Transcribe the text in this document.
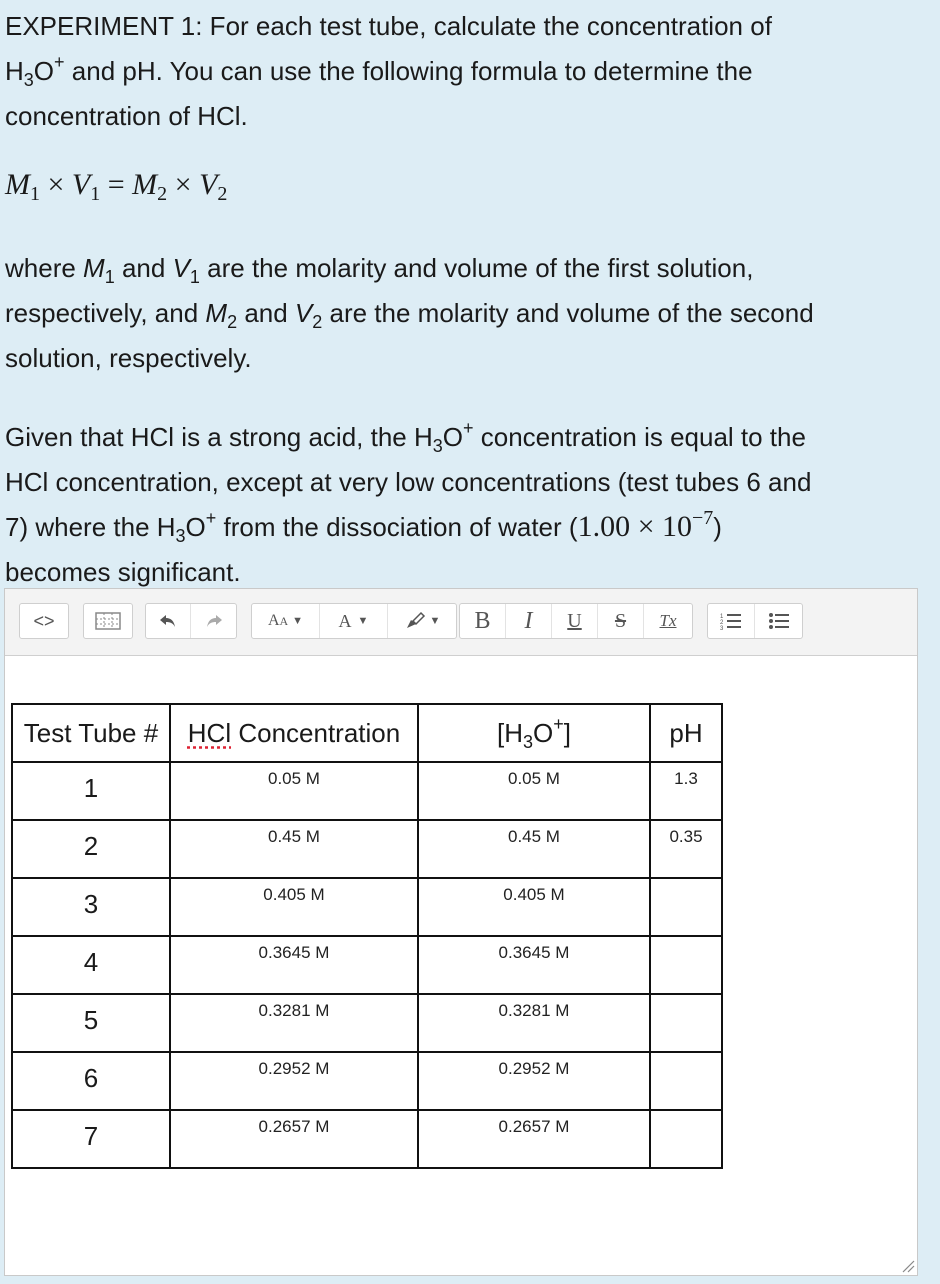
EXPERIMENT 1: For each test tube, calculate the concentration of

$H_3O^+$ and pH. You can use the following formula to determine the

concentration of HCl.

$M_1 \times V_1 = M_2 \times V_2$

where $M_1$ and $V_1$ are the molarity and volume of the first solution,

respectively, and $M_2$ and $V_2$ are the molarity and volume of the second

solution, respectively.

Given that HCl is a strong acid, the $H_3O^+$ concentration is equal to the

HCl concentration, except at very low concentrations (test tubes 6 and

7) where the $H_3O^+$ from the dissociation of water $(1.00 \times 10^{-7})$

becomes significant.

<>	A A ▼ A ▼	▼	B	I	U	S	Tx	1
2
3
Test Tube #	HCl Concentration	$[H_3O^+]$	pH

1	0.05 M	0.05 M	1.3

2	0.45 M	0.45 M	0.35

3	0.405 M	0.405 M	

4	0.3645 M	0.3645 M	

5	0.3281 M	0.3281 M	

6	0.2952 M	0.2952 M	

7	0.2657 M	0.2657 M	
